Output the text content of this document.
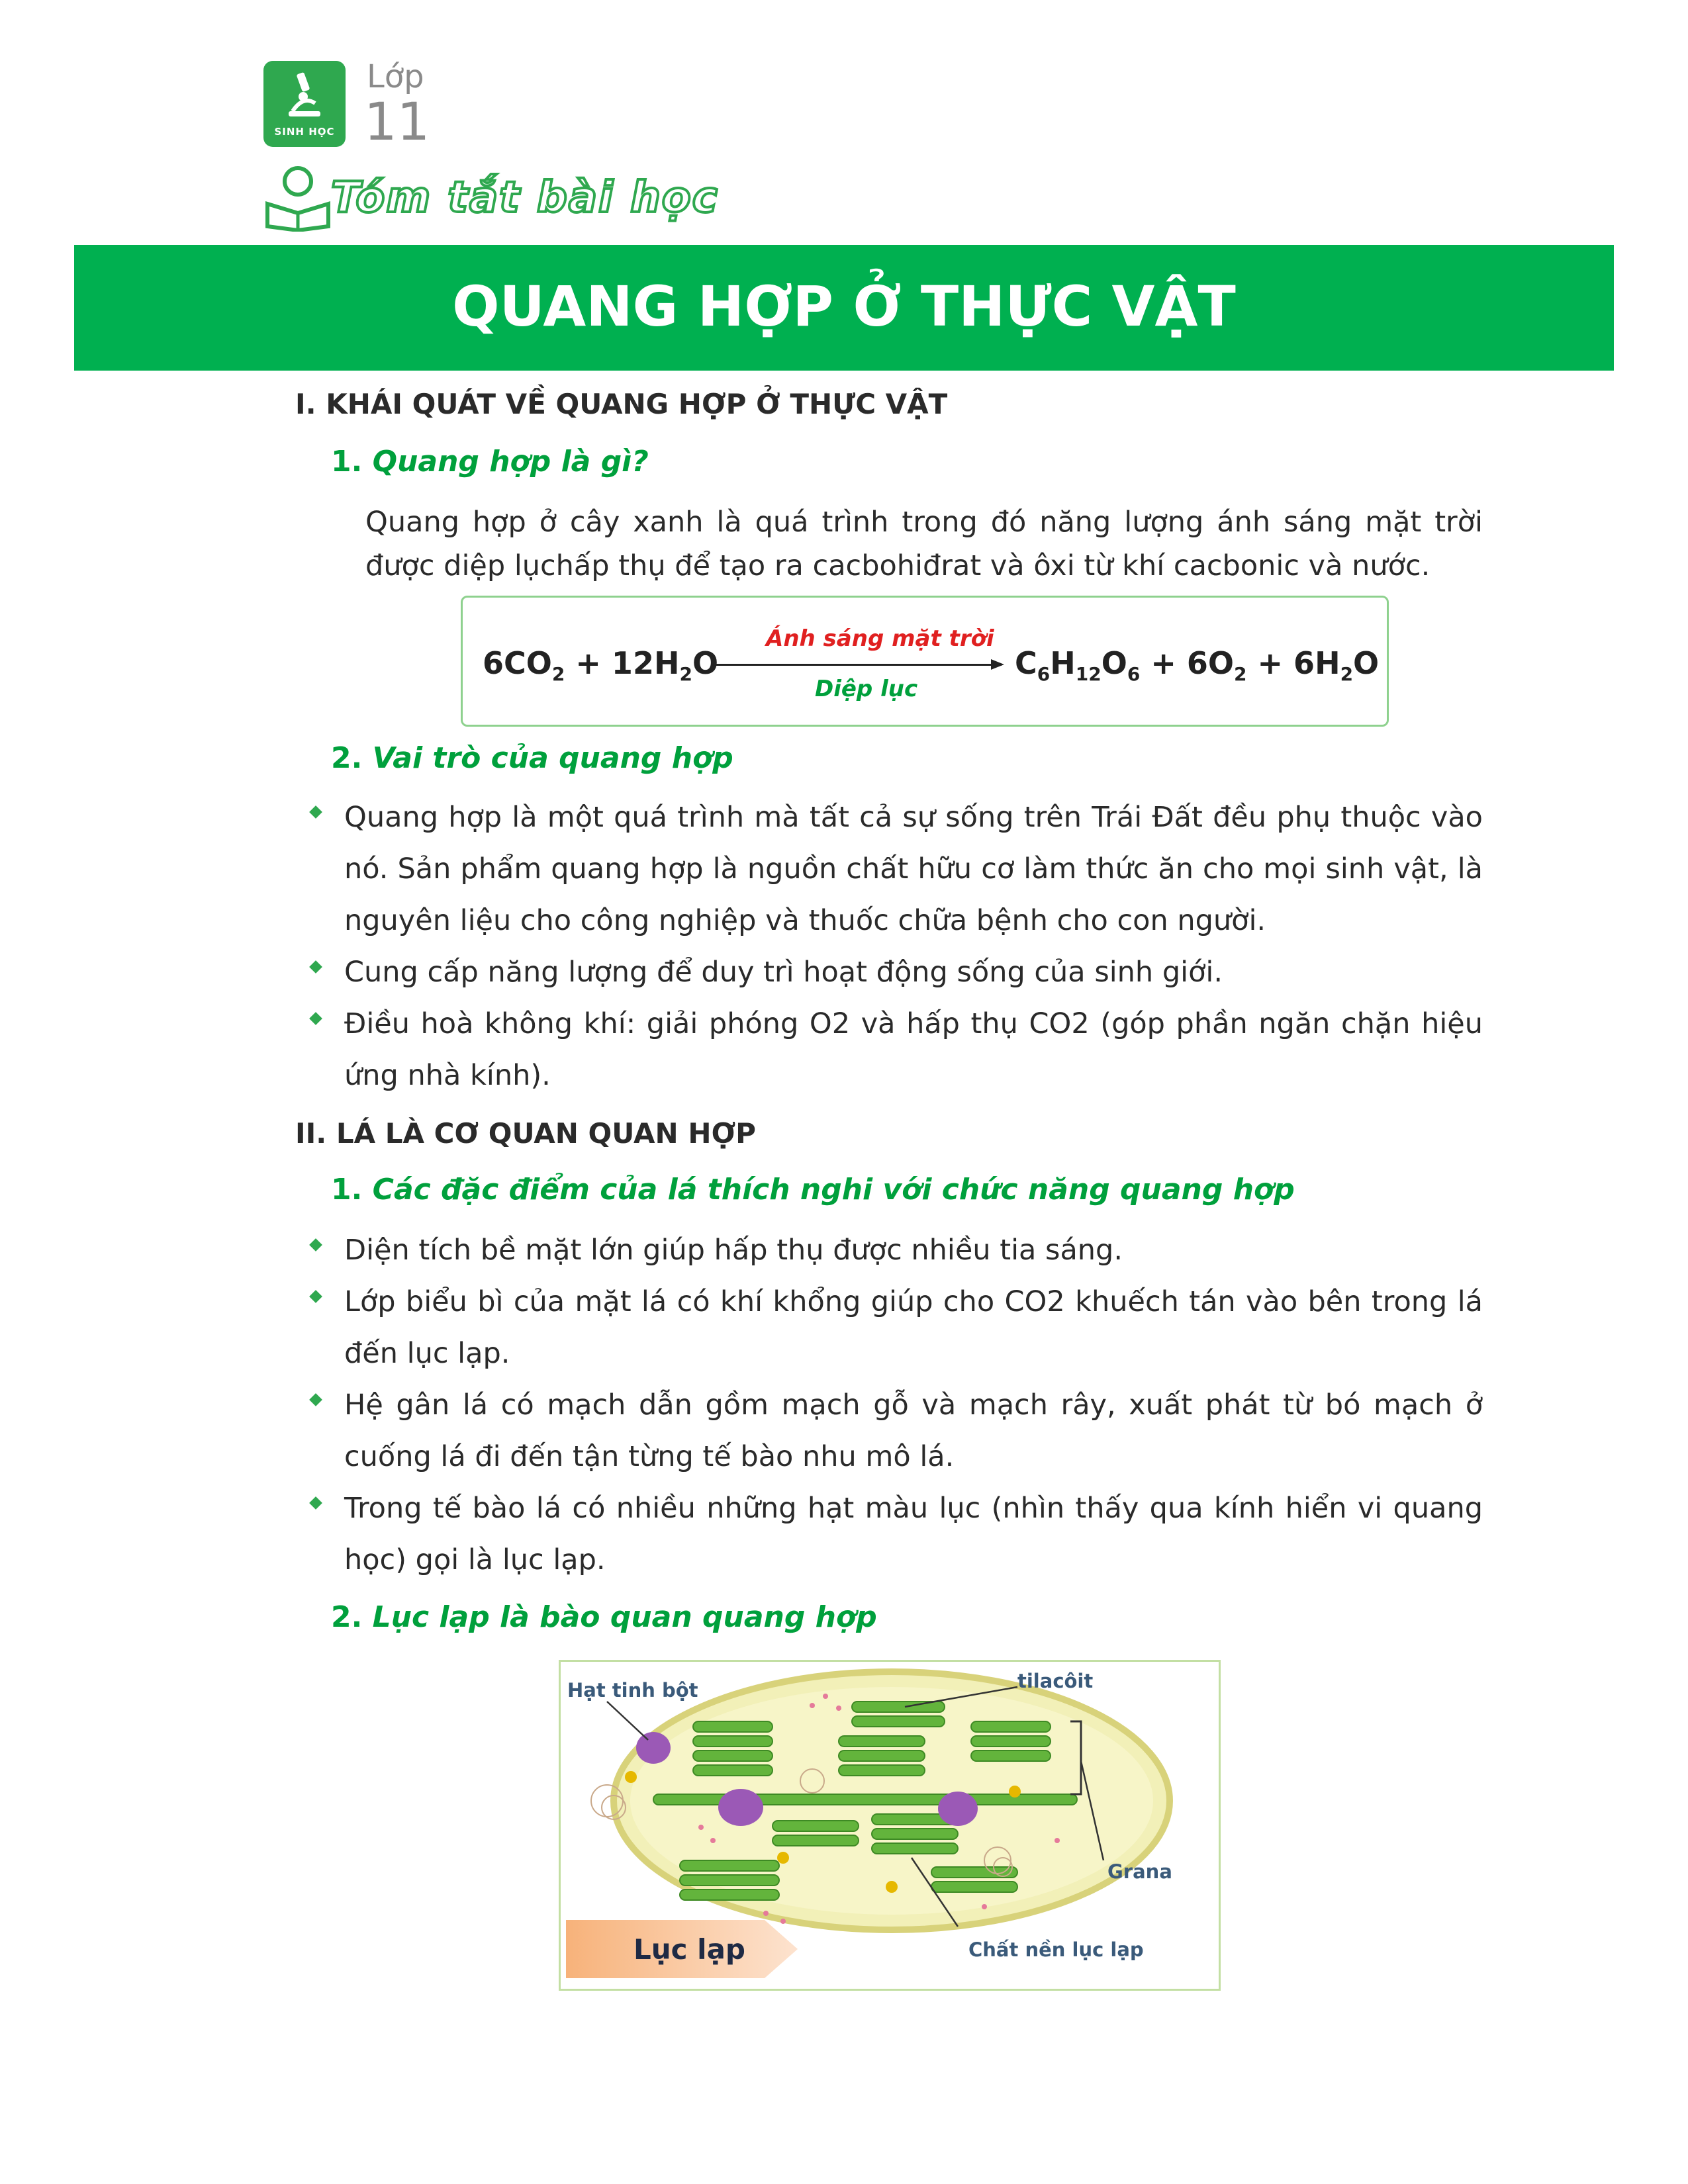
SINH HỌC
Lớp
11
Tóm tắt bài học
QUANG HỢP Ở THỰC VẬT
I. KHÁI QUÁT VỀ QUANG HỢP Ở THỰC VẬT
1. Quang hợp là gì?
Quang hợp ở cây xanh là quá trình trong đó năng lượng ánh sáng mặt trời được diệp lụchấp thụ để tạo ra cacbohiđrat và ôxi từ khí cacbonic và nước.
$6CO_2 + 12H_2O$
Ánh sáng mặt trời
Diệp lục
$C_6H_{12}O_6 + 6O_2 + 6H_2O$
2. Vai trò của quang hợp
Quang hợp là một quá trình mà tất cả sự sống trên Trái Đất đều phụ thuộc vào nó. Sản phẩm quang hợp là nguồn chất hữu cơ làm thức ăn cho mọi sinh vật, là nguyên liệu cho công nghiệp và thuốc chữa bệnh cho con người.
Cung cấp năng lượng để duy trì hoạt động sống của sinh giới.
Điều hoà không khí: giải phóng O2 và hấp thụ CO2 (góp phần ngăn chặn hiệu ứng nhà kính).
II. LÁ LÀ CƠ QUAN QUAN HỢP
1. Các đặc điểm của lá thích nghi với chức năng quang hợp
Diện tích bề mặt lớn giúp hấp thụ được nhiều tia sáng.
Lớp biểu bì của mặt lá có khí khổng giúp cho CO2 khuếch tán vào bên trong lá đến lục lạp.
Hệ gân lá có mạch dẫn gồm mạch gỗ và mạch rây, xuất phát từ bó mạch ở cuống lá đi đến tận từng tế bào nhu mô lá.
Trong tế bào lá có nhiều những hạt màu lục (nhìn thấy qua kính hiển vi quang học) gọi là lục lạp.
2. Lục lạp là bào quan quang hợp
Hạt tinh bột	tilacôit
Grana
Chất nền lục lạp
Lục lạp
